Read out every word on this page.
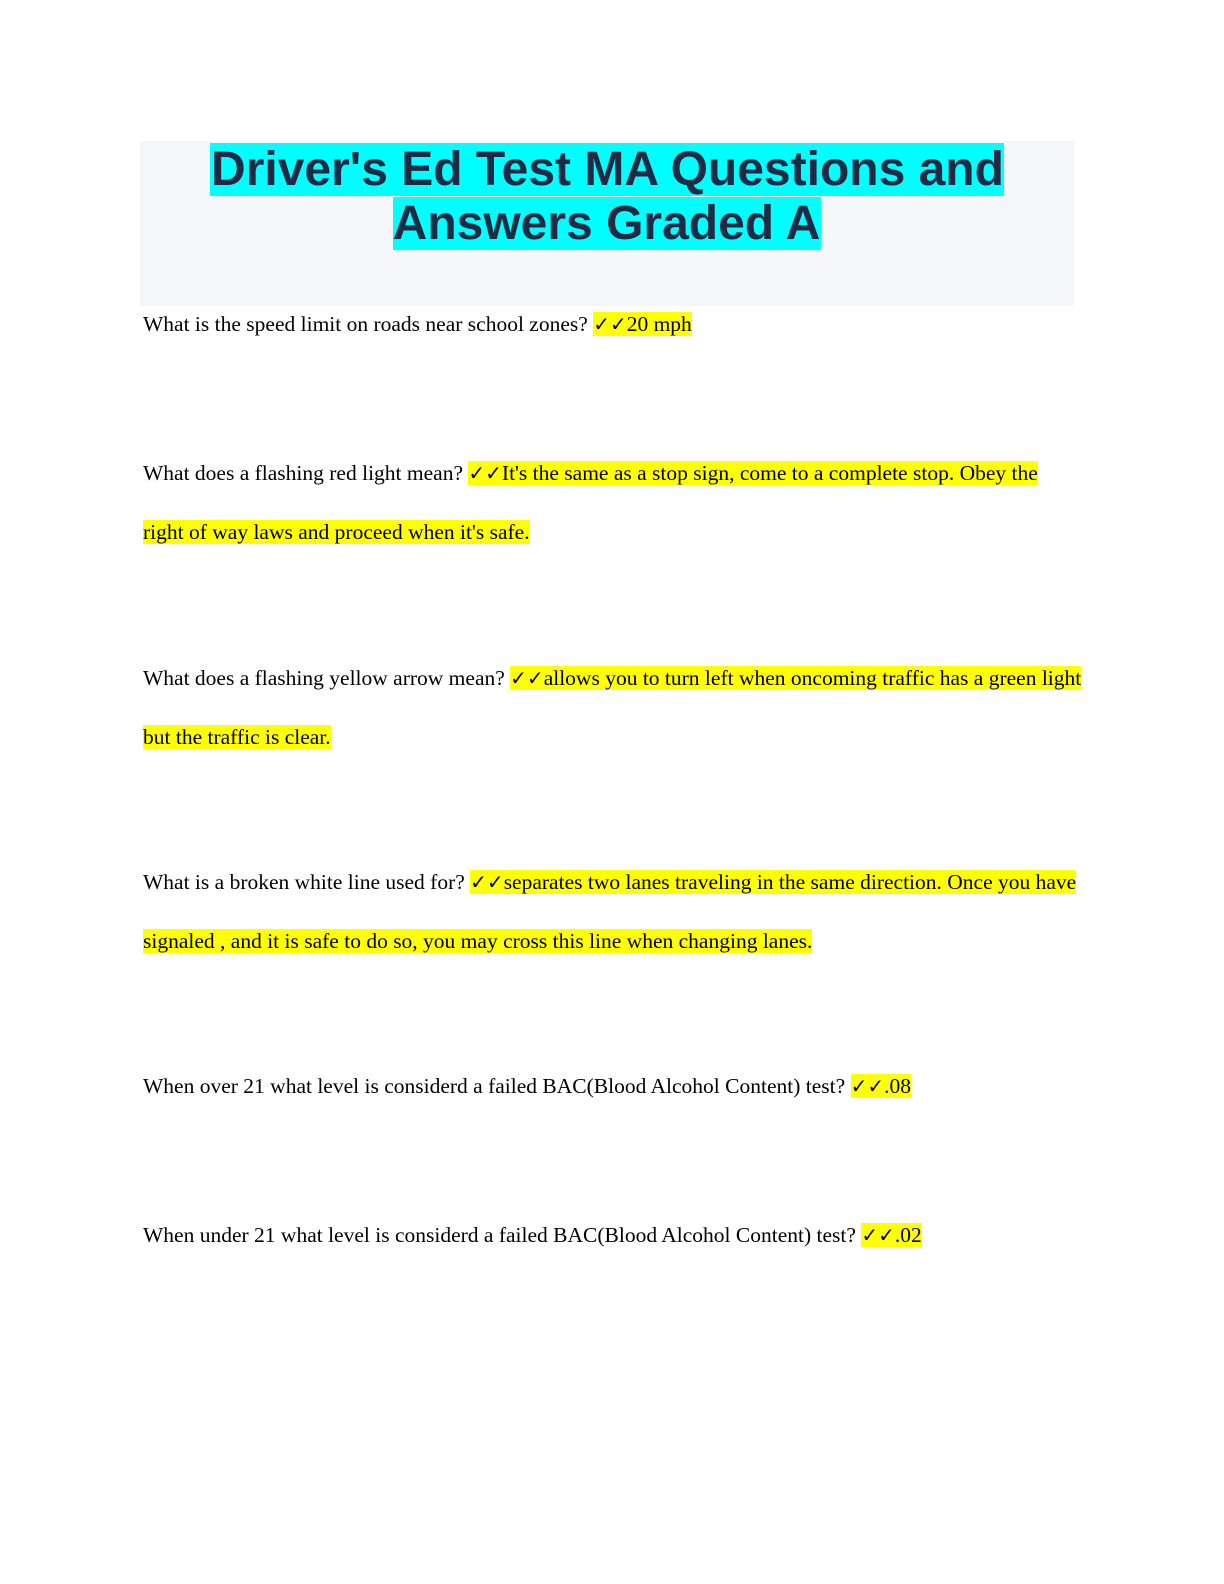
Driver's Ed Test MA Questions and Answers Graded A

What is the speed limit on roads near school zones? ✓✓20 mph

What does a flashing red light mean? ✓✓It's the same as a stop sign, come to a complete stop. Obey the right of way laws and proceed when it's safe.

What does a flashing yellow arrow mean? ✓✓allows you to turn left when oncoming traffic has a green light but the traffic is clear.

What is a broken white line used for? ✓✓separates two lanes traveling in the same direction. Once you have signaled , and it is safe to do so, you may cross this line when changing lanes.

When over 21 what level is considerd a failed BAC(Blood Alcohol Content) test? ✓✓.08

When under 21 what level is considerd a failed BAC(Blood Alcohol Content) test? ✓✓.02
